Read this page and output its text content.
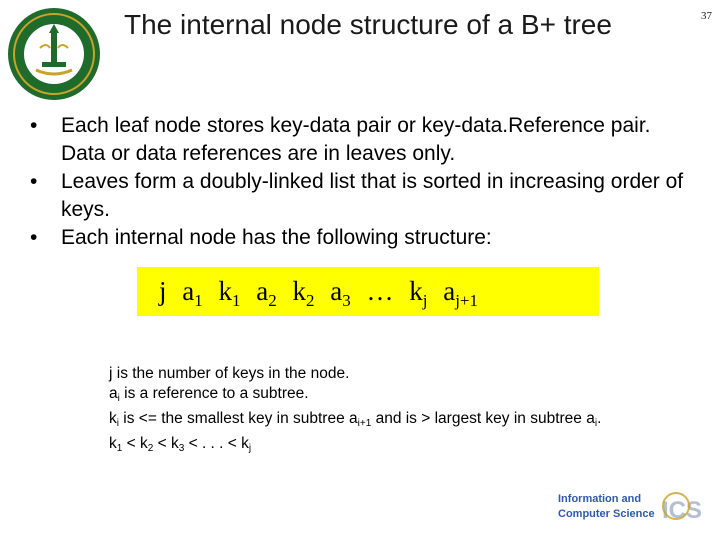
The internal node structure of a B+ tree	37
• Each leaf node stores key-data pair or key-data.Reference pair. Data or data references are in leaves only.
• Leaves form a doubly-linked list that is sorted in increasing order of keys.
• Each internal node has the following structure:
j $a_1$ $k_1$ $a_2$ $k_2$ $a_3$ … $k_j$ $a_{j+1}$
j is the number of keys in the node.
$a_i$ is a reference to a subtree.
$k_i$ is <= the smallest key in subtree $a_{i+1}$ and is > largest key in subtree $a_i$.
$k_1 < k_2 < k_3$ < . . . < $k_j$
Information and
Computer Science ICS
